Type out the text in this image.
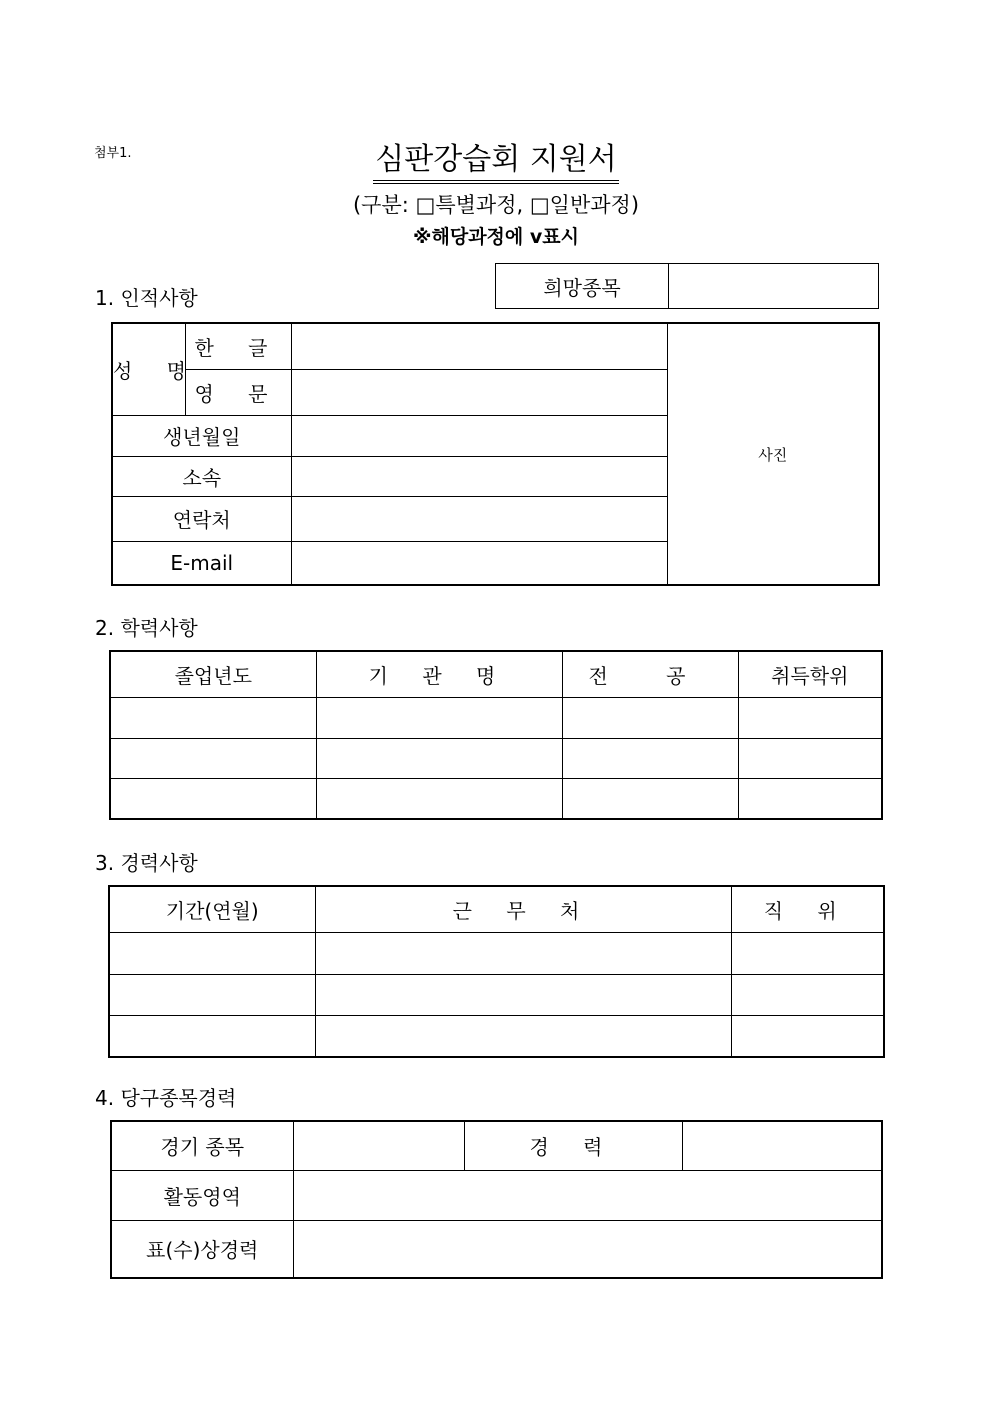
첨부1.	심판강습회 지원서
(구분: □특별과정, □일반과정)
※해당과정에 v표시
1. 인적사항	희망종목	
성 명	한 글		사진
	영 문		
생년월일			
소속			
연락처			
E-mail			
2. 학력사항
졸업년도	기 관 명	전 공	취득학위

3. 경력사항
기간(연월)	근 무 처	직 위

4. 당구종목경력
경기 종목		경 력	
활동영역			
표(수)상경력			
